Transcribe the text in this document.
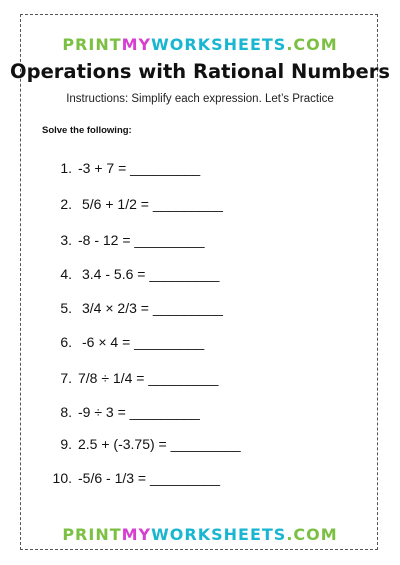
PRINTMYWORKSHEETS.COM
Operations with Rational Numbers
Instructions: Simplify each expression. Let’s Practice
Solve the following:
1. -3 + 7 = _________
2. 5/6 + 1/2 = _________
3. -8 - 12 = _________
4. 3.4 - 5.6 = _________
5. 3/4 × 2/3 = _________
6. -6 × 4 = _________
7. 7/8 ÷ 1/4 = _________
8. -9 ÷ 3 = _________
9. 2.5 + (-3.75) = _________
10. -5/6 - 1/3 = _________
PRINTMYWORKSHEETS.COM
